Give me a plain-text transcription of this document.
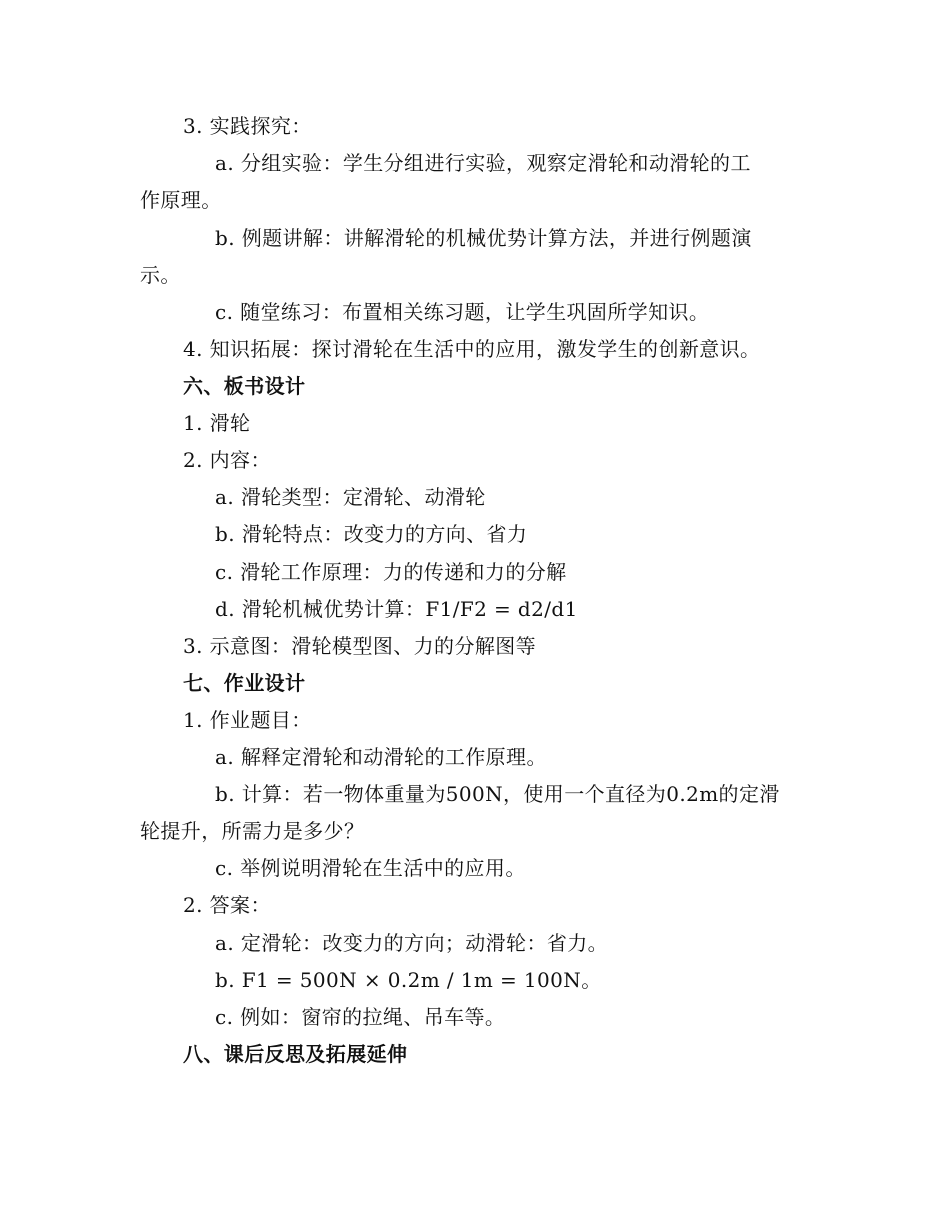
3. 实践探究：
a. 分组实验：学生分组进行实验，观察定滑轮和动滑轮的工
作原理。
b. 例题讲解：讲解滑轮的机械优势计算方法，并进行例题演
示。
c. 随堂练习：布置相关练习题，让学生巩固所学知识。
4. 知识拓展：探讨滑轮在生活中的应用，激发学生的创新意识。
六、板书设计
1. 滑轮
2. 内容：
a. 滑轮类型：定滑轮、动滑轮
b. 滑轮特点：改变力的方向、省力
c. 滑轮工作原理：力的传递和力的分解
d. 滑轮机械优势计算：F1/F2 = d2/d1
3. 示意图：滑轮模型图、力的分解图等
七、作业设计
1. 作业题目：
a. 解释定滑轮和动滑轮的工作原理。
b. 计算：若一物体重量为500N，使用一个直径为0.2m的定滑
轮提升，所需力是多少？
c. 举例说明滑轮在生活中的应用。
2. 答案：
a. 定滑轮：改变力的方向；动滑轮：省力。
b. F1 = 500N × 0.2m / 1m = 100N。
c. 例如：窗帘的拉绳、吊车等。
八、课后反思及拓展延伸
